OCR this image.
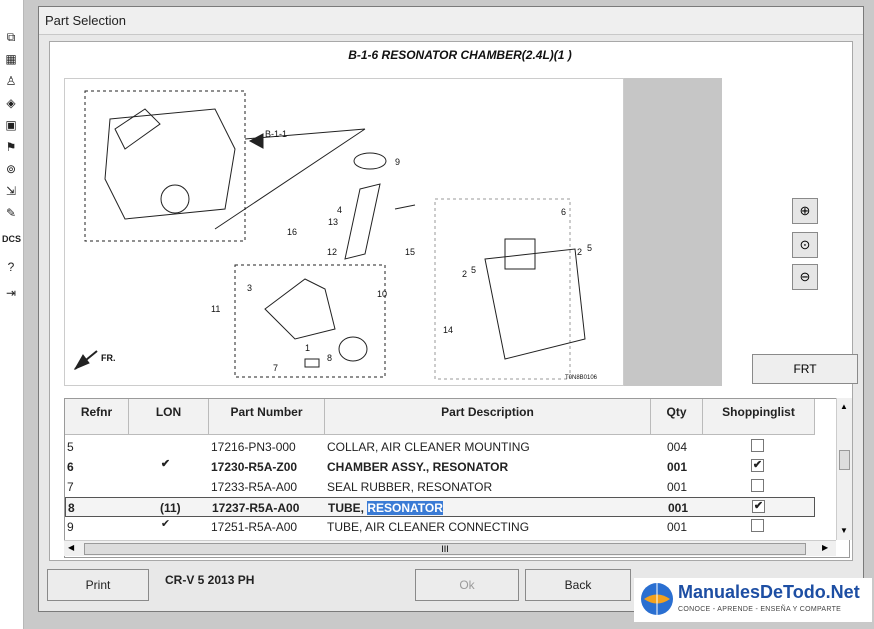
⧉
▦
♙
◈
▣
⚑
⊚
⇲
✎
DCS
?
⇥
Part Selection
B-1-6 RESONATOR CHAMBER(2.4L)(1 )
B-1-1
9
4
13
16
12	15
11
3
10
6
2 5
14
5
2
8
7
1
FR.
T0N8B0106
⊕
⊙
⊖
FRT
Refnr	LON	Part Number	Part Description	Qty	Shoppinglist
5	17216-PN3-000	COLLAR, AIR CLEANER MOUNTING	004
6	✔	17230-R5A-Z00 CHAMBER ASSY., RESONATOR	001	✔
7	17233-R5A-A00 SEAL RUBBER, RESONATOR	001
8	(11)	17237-R5A-A00 TUBE, RESONATOR	001	✔
9	✔	17251-R5A-A00 TUBE, AIR CLEANER CONNECTING	001
▲
▼
◀	III	▶
Print	CR-V 5 2013 PH	Ok	Back	ManualesDeTodo.Net
CONOCE - APRENDE - ENSEÑA Y COMPARTE
